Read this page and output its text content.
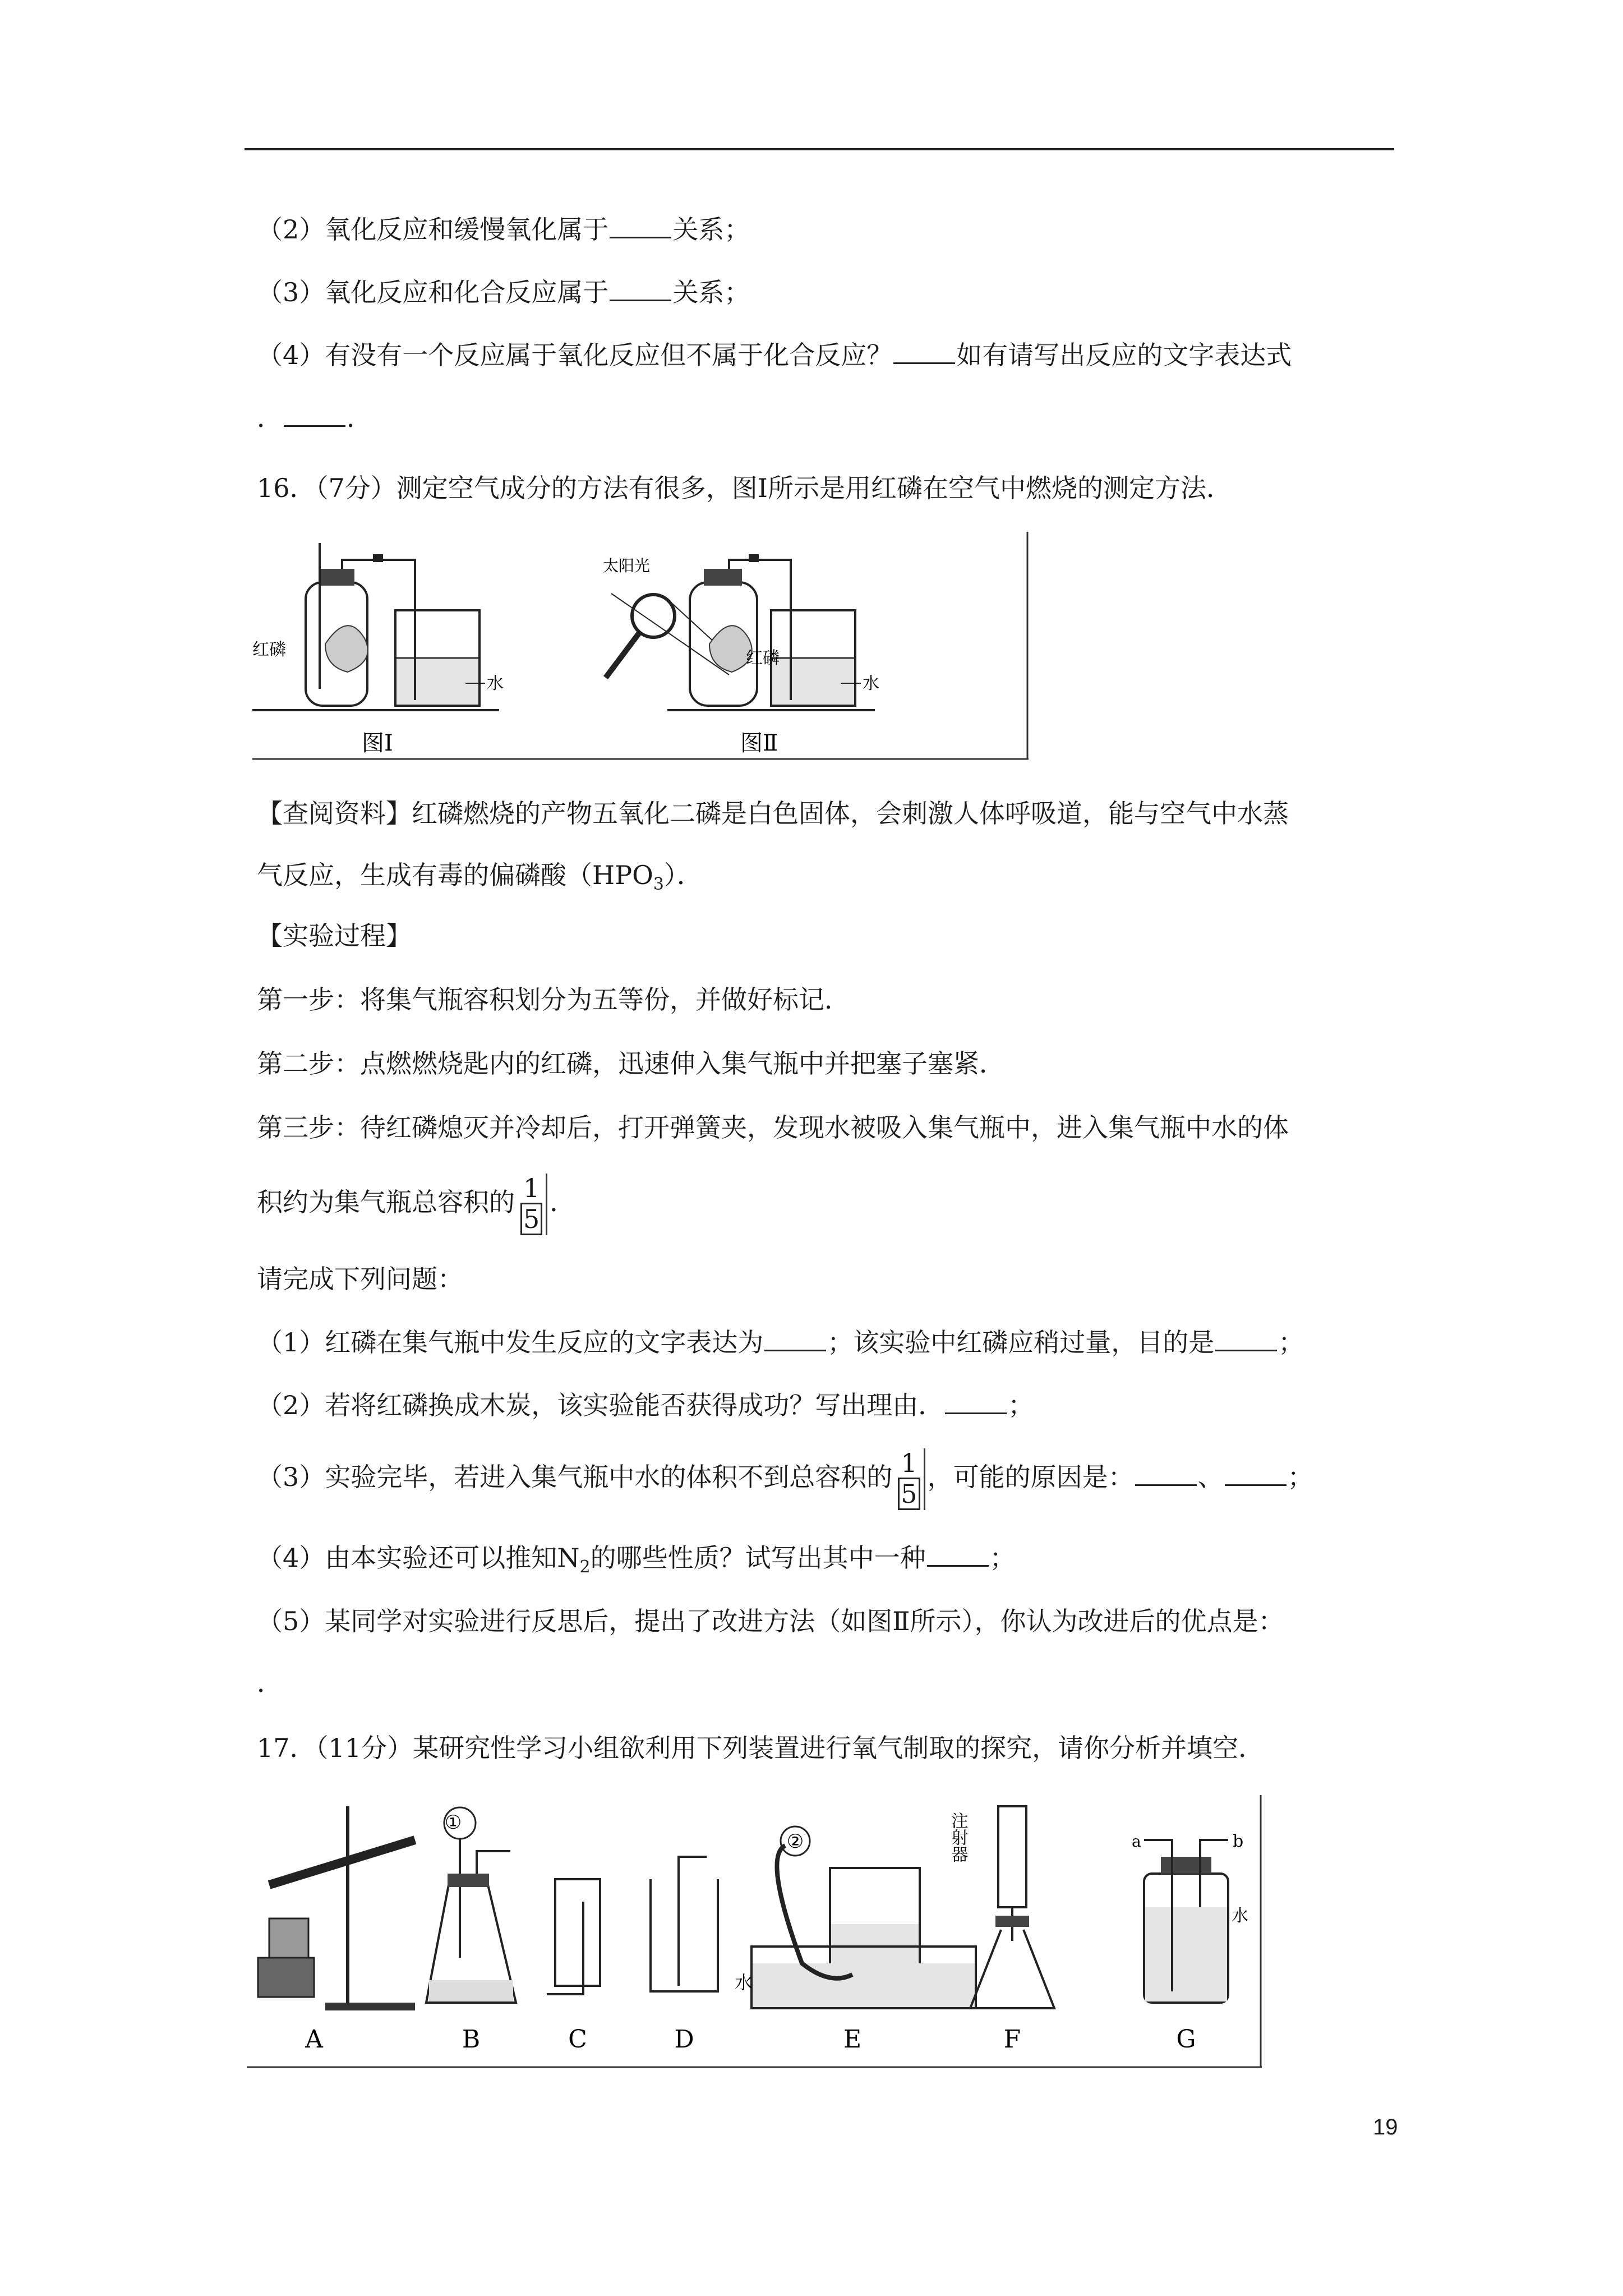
（2）氧化反应和缓慢氧化属于 关系；
（3）氧化反应和化合反应属于 关系；
（4）有没有一个反应属于氧化反应但不属于化合反应？ 如有请写出反应的文字表达式
． ．
16．（7分）测定空气成分的方法有很多，图Ⅰ所示是用红磷在空气中燃烧的测定方法．
红磷
水
图Ⅰ
太阳光
红磷
水
图Ⅱ
【查阅资料】红磷燃烧的产物五氧化二磷是白色固体，会刺激人体呼吸道，能与空气中水蒸
气反应，生成有毒的偏磷酸$(HPO_3)$．
【实验过程】
第一步：将集气瓶容积划分为五等份，并做好标记．
第二步：点燃燃烧匙内的红磷，迅速伸入集气瓶中并把塞子塞紧．
第三步：待红磷熄灭并冷却后，打开弹簧夹，发现水被吸入集气瓶中，进入集气瓶中水的体
积约为集气瓶总容积的 $\frac{1}{5}$ ．
请完成下列问题：
（1）红磷在集气瓶中发生反应的文字表达为 ；该实验中红磷应稍过量，目的是 ；
（2）若将红磷换成木炭，该实验能否获得成功？写出理由． ；
（3）实验完毕，若进入集气瓶中水的体积不到总容积的 $\frac{1}{5}$ ，可能的原因是： 、 ；
（4）由本实验还可以推知$N_2$的哪些性质？试写出其中一种 ；
（5）某同学对实验进行反思后，提出了改进方法（如图Ⅱ所示），你认为改进后的优点是：
．
17．（11分）某研究性学习小组欲利用下列装置进行氧气制取的探究，请你分析并填空．
①
②	注射器
水
水
a	b
A	B	C	D	E	F	G
19
